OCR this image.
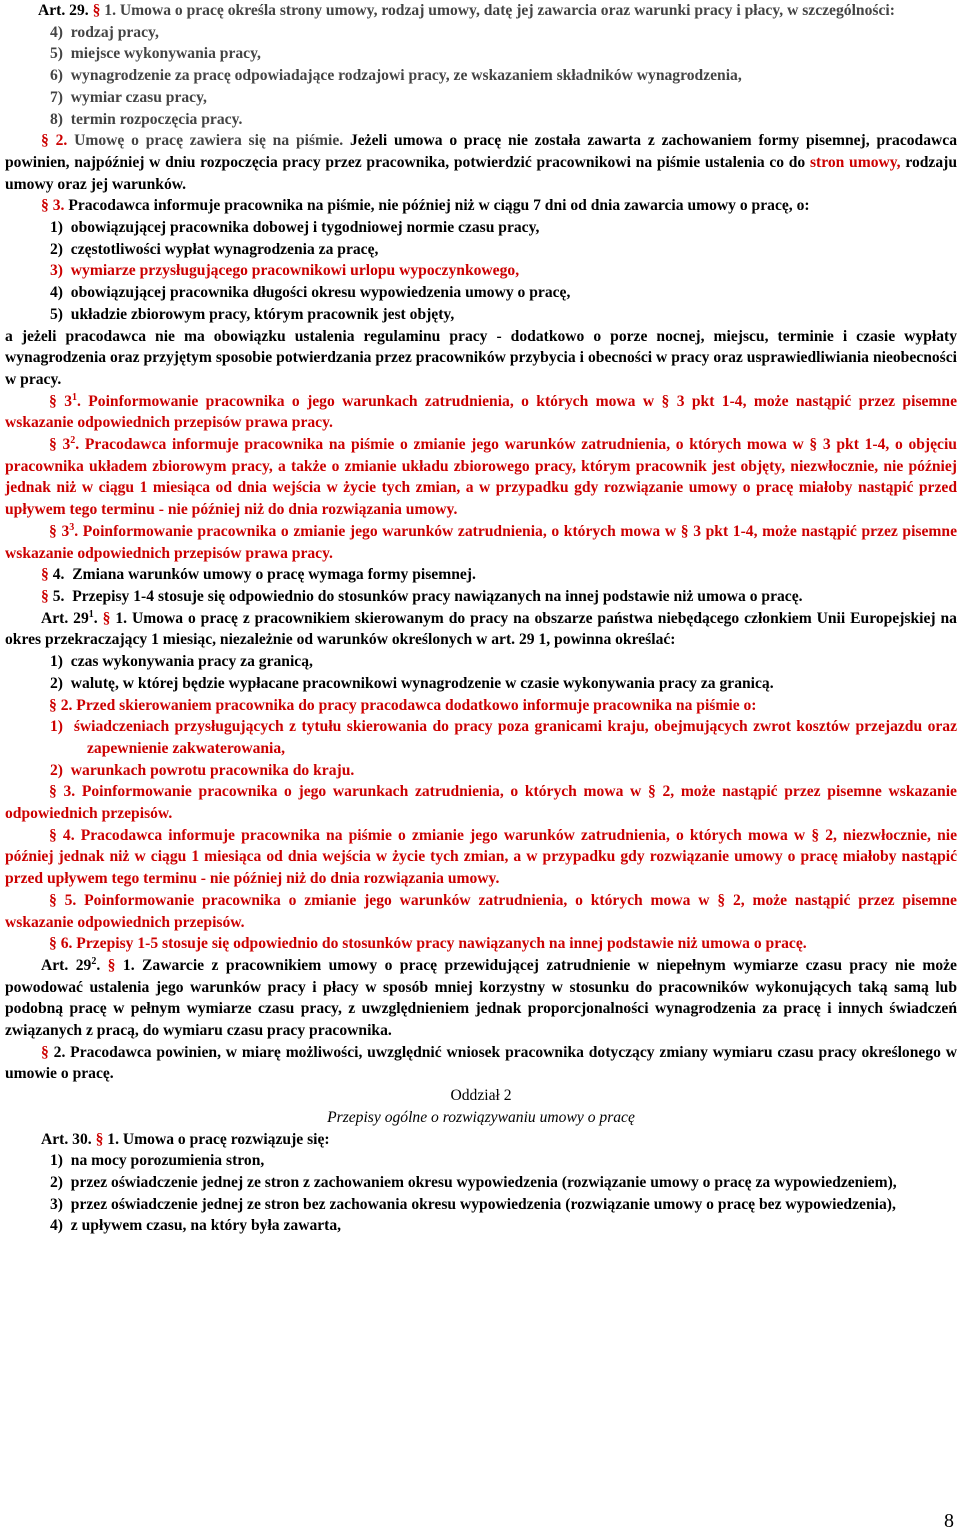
Art. 29. § 1. Umowa o pracę określa strony umowy, rodzaj umowy, datę jej zawarcia oraz warunki pracy i płacy, w szczególności:

4)  rodzaj pracy,

5)  miejsce wykonywania pracy,

6)  wynagrodzenie za pracę odpowiadające rodzajowi pracy, ze wskazaniem składników wynagrodzenia,

7)  wymiar czasu pracy,

8)  termin rozpoczęcia pracy.

§ 2. Umowę o pracę zawiera się na piśmie. Jeżeli umowa o pracę nie została zawarta z zachowaniem formy pisemnej, pracodawca powinien, najpóźniej w dniu rozpoczęcia pracy przez pracownika, potwierdzić pracownikowi na piśmie ustalenia co do stron umowy, rodzaju umowy oraz jej warunków.

§ 3. Pracodawca informuje pracownika na piśmie, nie później niż w ciągu 7 dni od dnia zawarcia umowy o pracę, o:

1)  obowiązującej pracownika dobowej i tygodniowej normie czasu pracy,

2)  częstotliwości wypłat wynagrodzenia za pracę,

3)  wymiarze przysługującego pracownikowi urlopu wypoczynkowego,

4)  obowiązującej pracownika długości okresu wypowiedzenia umowy o pracę,

5)  układzie zbiorowym pracy, którym pracownik jest objęty,

a jeżeli pracodawca nie ma obowiązku ustalenia regulaminu pracy - dodatkowo o porze nocnej, miejscu, terminie i czasie wypłaty wynagrodzenia oraz przyjętym sposobie potwierdzania przez pracowników przybycia i obecności w pracy oraz usprawiedliwiania nieobecności w pracy.

§ $3^1$. Poinformowanie pracownika o jego warunkach zatrudnienia, o których mowa w § 3 pkt 1-4, może nastąpić przez pisemne wskazanie odpowiednich przepisów prawa pracy.

§ $3^2$. Pracodawca informuje pracownika na piśmie o zmianie jego warunków zatrudnienia, o których mowa w § 3 pkt 1-4, o objęciu pracownika układem zbiorowym pracy, a także o zmianie układu zbiorowego pracy, którym pracownik jest objęty, niezwłocznie, nie później jednak niż w ciągu 1 miesiąca od dnia wejścia w życie tych zmian, a w przypadku gdy rozwiązanie umowy o pracę miałoby nastąpić przed upływem tego terminu - nie później niż do dnia rozwiązania umowy.

§ $3^3$. Poinformowanie pracownika o zmianie jego warunków zatrudnienia, o których mowa w § 3 pkt 1-4, może nastąpić przez pisemne wskazanie odpowiednich przepisów prawa pracy.

§ 4.  Zmiana warunków umowy o pracę wymaga formy pisemnej.

§ 5.  Przepisy 1-4 stosuje się odpowiednio do stosunków pracy nawiązanych na innej podstawie niż umowa o pracę.

Art. $29^1$. § 1. Umowa o pracę z pracownikiem skierowanym do pracy na obszarze państwa niebędącego członkiem Unii Europejskiej na okres przekraczający 1 miesiąc, niezależnie od warunków określonych w art. 29 1, powinna określać:

1)  czas wykonywania pracy za granicą,

2)  walutę, w której będzie wypłacane pracownikowi wynagrodzenie w czasie wykonywania pracy za granicą.

§ 2. Przed skierowaniem pracownika do pracy pracodawca dodatkowo informuje pracownika na piśmie o:

1)  świadczeniach przysługujących z tytułu skierowania do pracy poza granicami kraju, obejmujących zwrot kosztów przejazdu oraz zapewnienie zakwaterowania,

2)  warunkach powrotu pracownika do kraju.

§ 3. Poinformowanie pracownika o jego warunkach zatrudnienia, o których mowa w § 2, może nastąpić przez pisemne wskazanie odpowiednich przepisów.

§ 4. Pracodawca informuje pracownika na piśmie o zmianie jego warunków zatrudnienia, o których mowa w § 2, niezwłocznie, nie później jednak niż w ciągu 1 miesiąca od dnia wejścia w życie tych zmian, a w przypadku gdy rozwiązanie umowy o pracę miałoby nastąpić przed upływem tego terminu - nie później niż do dnia rozwiązania umowy.

§ 5. Poinformowanie pracownika o zmianie jego warunków zatrudnienia, o których mowa w § 2, może nastąpić przez pisemne wskazanie odpowiednich przepisów.

§ 6. Przepisy 1-5 stosuje się odpowiednio do stosunków pracy nawiązanych na innej podstawie niż umowa o pracę.

Art. $29^2$. § 1. Zawarcie z pracownikiem umowy o pracę przewidującej zatrudnienie w niepełnym wymiarze czasu pracy nie może powodować ustalenia jego warunków pracy i płacy w sposób mniej korzystny w stosunku do pracowników wykonujących taką samą lub podobną pracę w pełnym wymiarze czasu pracy, z uwzględnieniem jednak proporcjonalności wynagrodzenia za pracę i innych świadczeń związanych z pracą, do wymiaru czasu pracy pracownika.

§ 2. Pracodawca powinien, w miarę możliwości, uwzględnić wniosek pracownika dotyczący zmiany wymiaru czasu pracy określonego w umowie o pracę.

Oddział 2

Przepisy ogólne o rozwiązywaniu umowy o pracę

Art. 30. § 1. Umowa o pracę rozwiązuje się:

1)  na mocy porozumienia stron,

2)  przez oświadczenie jednej ze stron z zachowaniem okresu wypowiedzenia (rozwiązanie umowy o pracę za wypowiedzeniem),

3)  przez oświadczenie jednej ze stron bez zachowania okresu wypowiedzenia (rozwiązanie umowy o pracę bez wypowiedzenia),

4)  z upływem czasu, na który była zawarta,

8
